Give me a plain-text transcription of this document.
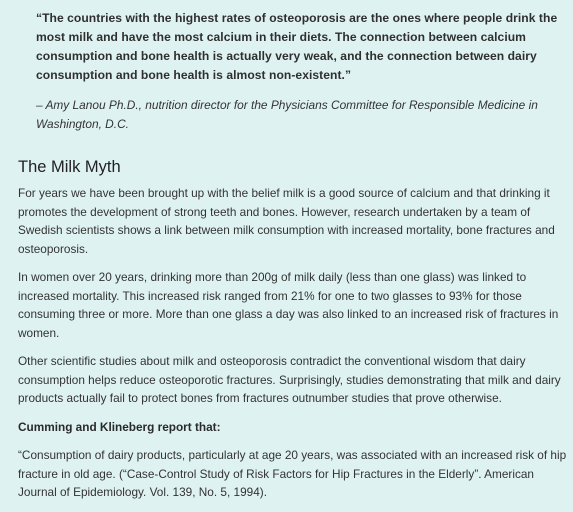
“The countries with the highest rates of osteoporosis are the ones where people drink the most milk and have the most calcium in their diets. The connection between calcium consumption and bone health is actually very weak, and the connection between dairy consumption and bone health is almost non-existent.”

– Amy Lanou Ph.D., nutrition director for the Physicians Committee for Responsible Medicine in Washington, D.C.

The Milk Myth

For years we have been brought up with the belief milk is a good source of calcium and that drinking it promotes the development of strong teeth and bones. However, research undertaken by a team of Swedish scientists shows a link between milk consumption with increased mortality, bone fractures and osteoporosis.

In women over 20 years, drinking more than 200g of milk daily (less than one glass) was linked to increased mortality. This increased risk ranged from 21% for one to two glasses to 93% for those consuming three or more. More than one glass a day was also linked to an increased risk of fractures in women.

Other scientific studies about milk and osteoporosis contradict the conventional wisdom that dairy consumption helps reduce osteoporotic fractures. Surprisingly, studies demonstrating that milk and dairy products actually fail to protect bones from fractures outnumber studies that prove otherwise.

Cumming and Klineberg report that:

“Consumption of dairy products, particularly at age 20 years, was associated with an increased risk of hip fracture in old age. (“Case-Control Study of Risk Factors for Hip Fractures in the Elderly”. American Journal of Epidemiology. Vol. 139, No. 5, 1994).
